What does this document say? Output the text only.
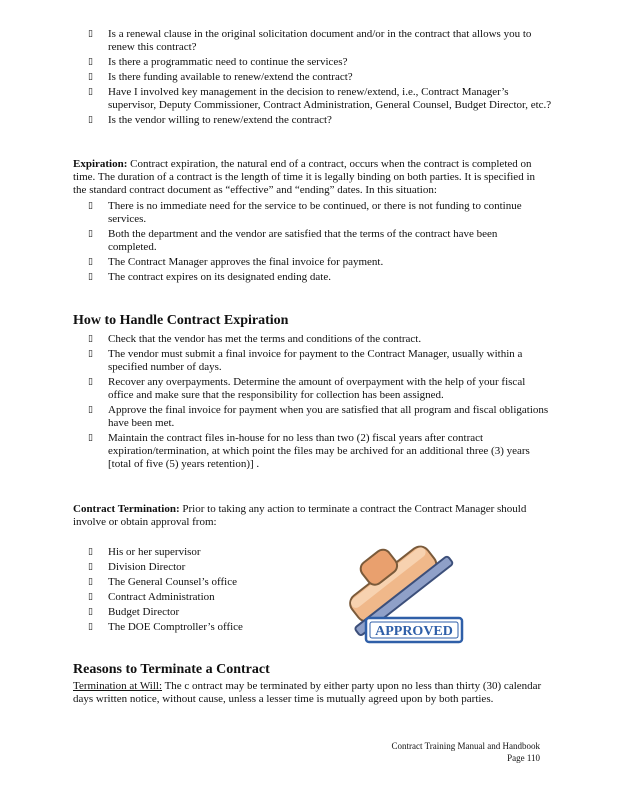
▯	Is a renewal clause in the original solicitation document and/or in the contract that allows you to renew this contract?
▯	Is there a programmatic need to continue the services?
▯	Is there funding available to renew/extend the contract?
▯	Have I involved key management in the decision to renew/extend, i.e., Contract Manager’s supervisor, Deputy Commissioner, Contract Administration, General Counsel, Budget Director, etc.?
▯	Is the vendor willing to renew/extend the contract?
Expiration: Contract expiration, the natural end of a contract, occurs when the contract is completed on time. The duration of a contract is the length of time it is legally binding on both parties. It is specified in the standard contract document as “effective” and “ending” dates. In this situation:
▯	There is no immediate need for the service to be continued, or there is not funding to continue services.
▯	Both the department and the vendor are satisfied that the terms of the contract have been completed.
▯	The Contract Manager approves the final invoice for payment.
▯	The contract expires on its designated ending date.
How to Handle Contract Expiration
▯	Check that the vendor has met the terms and conditions of the contract.
▯	The vendor must submit a final invoice for payment to the Contract Manager, usually within a specified number of days.
▯	Recover any overpayments. Determine the amount of overpayment with the help of your fiscal office and make sure that the responsibility for collection has been assigned.
▯	Approve the final invoice for payment when you are satisfied that all program and fiscal obligations have been met.
▯	Maintain the contract files in-house for no less than two (2) fiscal years after contract expiration/termination, at which point the files may be archived for an additional three (3) years [total of five (5) years retention)] .
Contract Termination: Prior to taking any action to terminate a contract the Contract Manager should involve or obtain approval from:
▯	His or her supervisor
▯	Division Director
▯	The General Counsel’s office
▯	Contract Administration
▯	Budget Director
▯	The DOE Comptroller’s office	APPROVED
Reasons to Terminate a Contract
Termination at Will: The c ontract may be terminated by either party upon no less than thirty (30) calendar days written notice, without cause, unless a lesser time is mutually agreed upon by both parties.
Contract Training Manual and Handbook
Page 110
